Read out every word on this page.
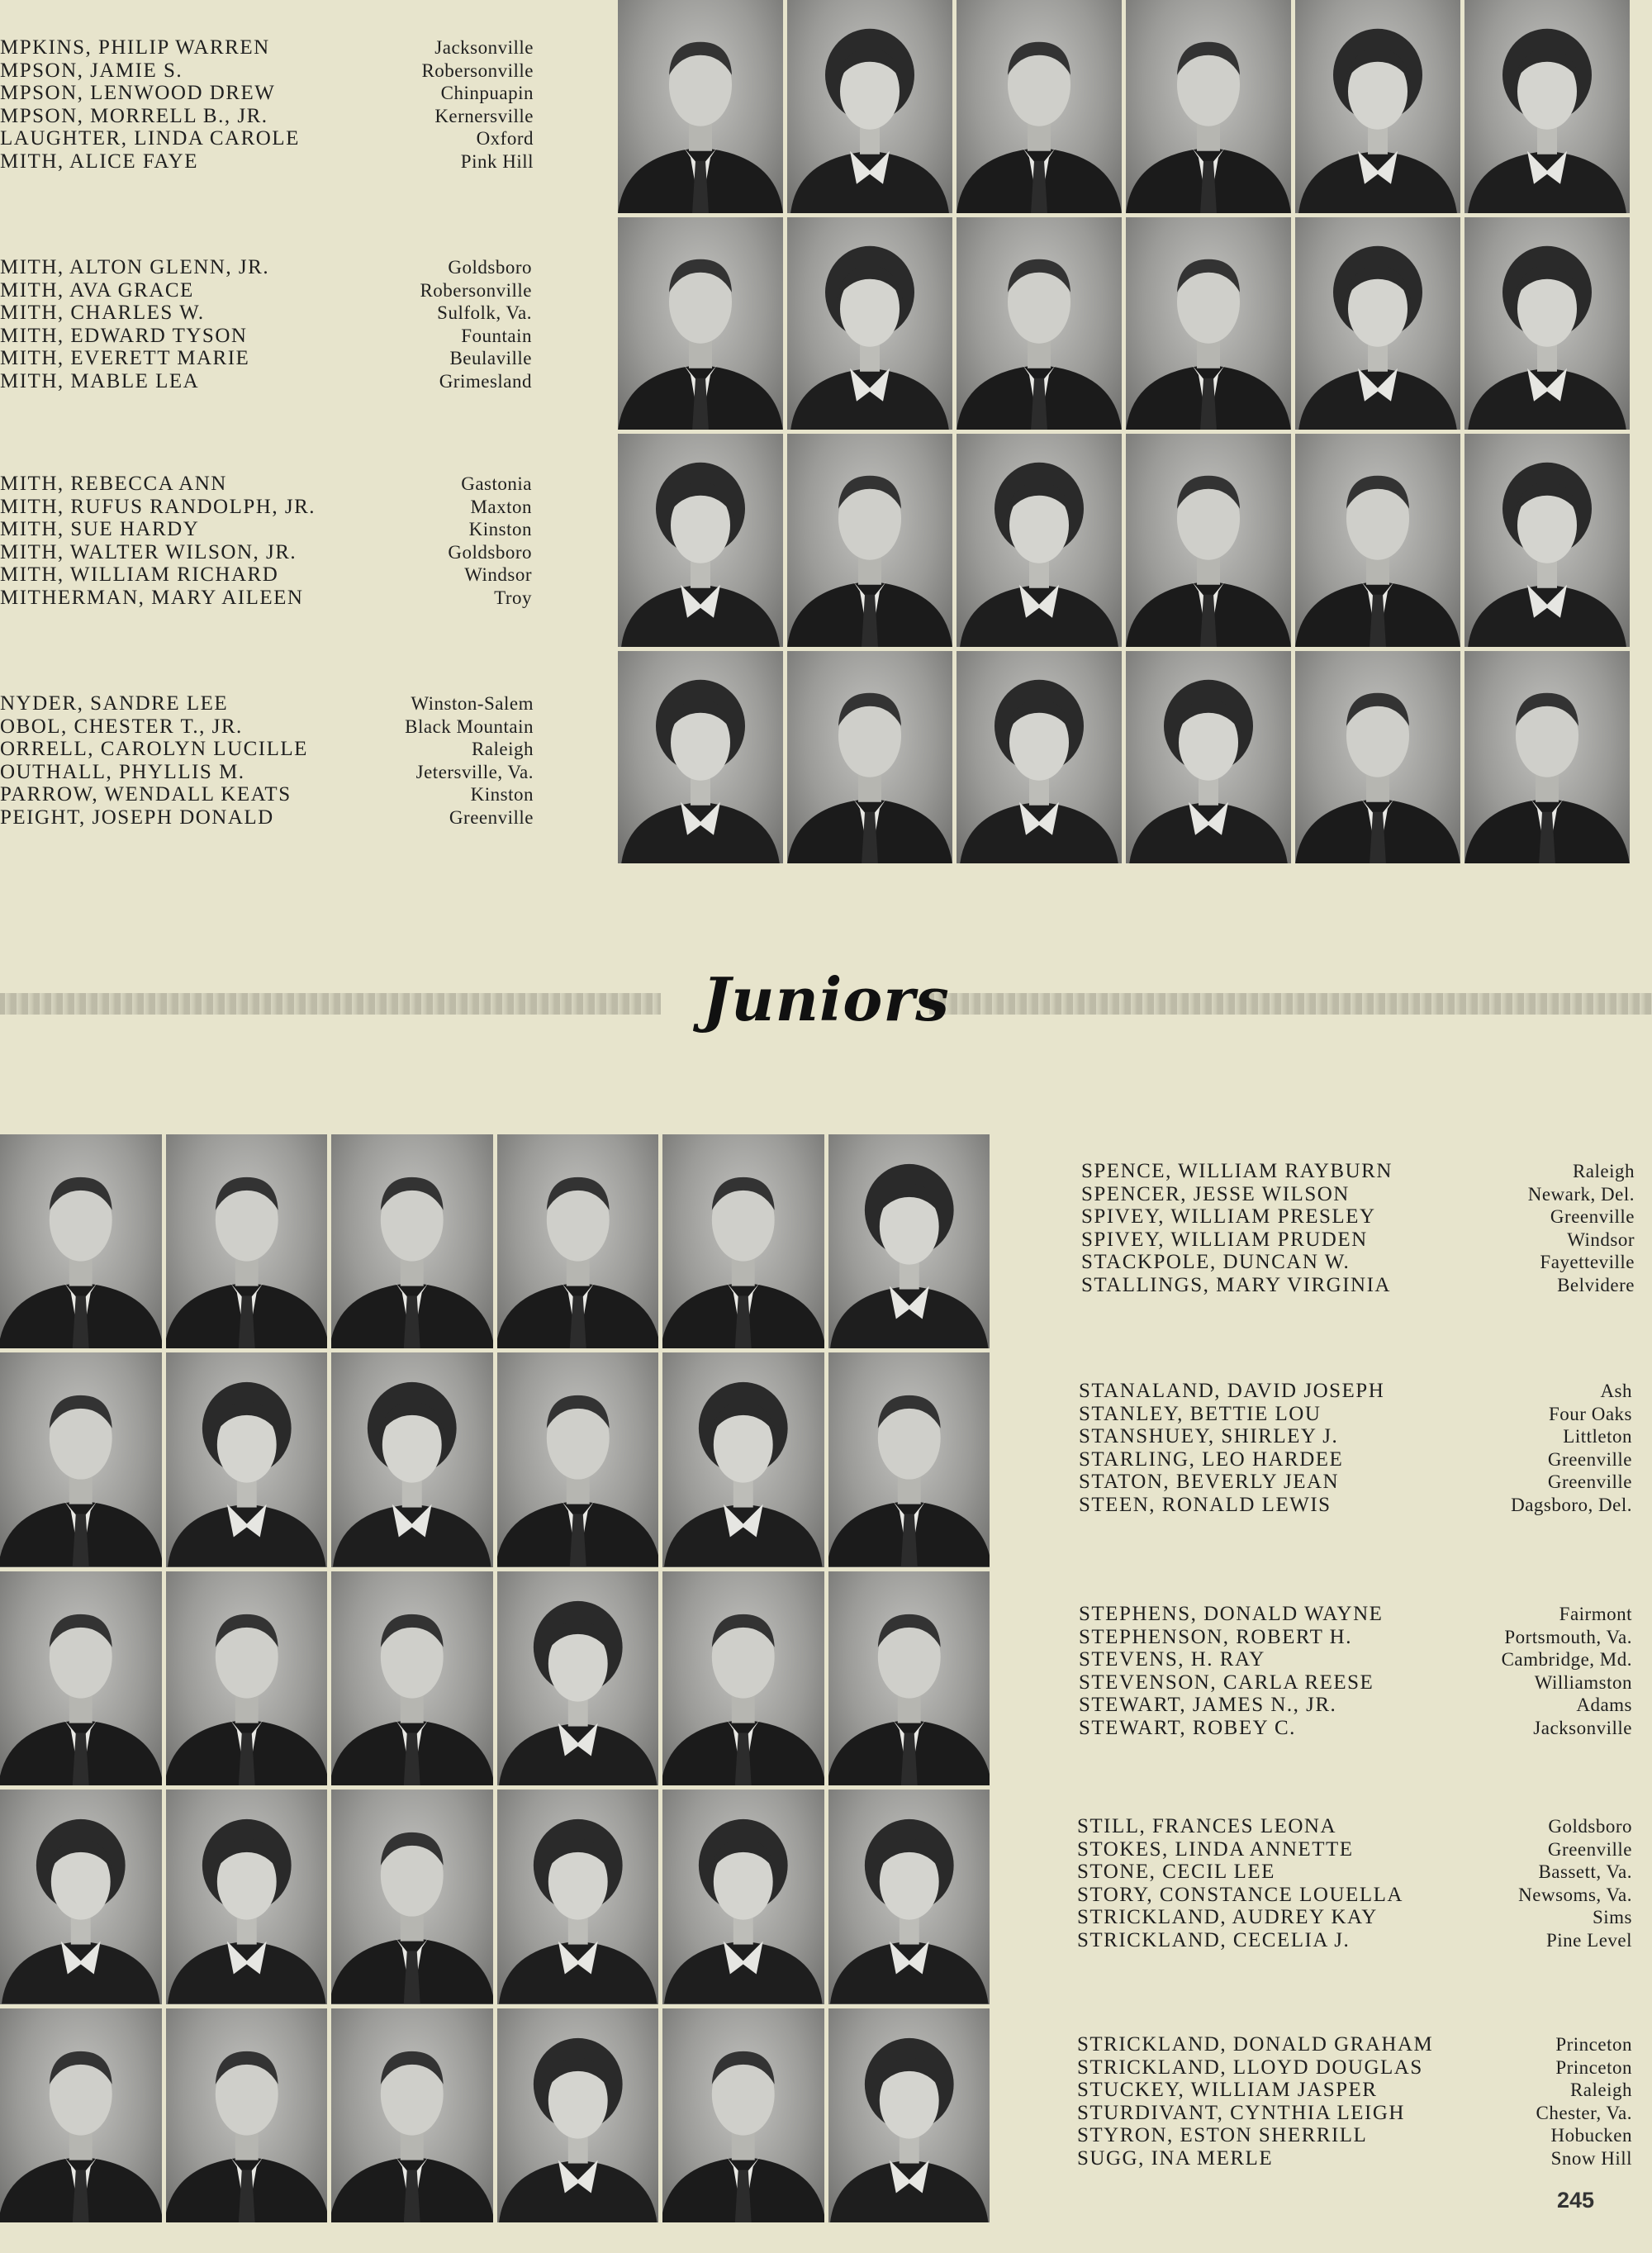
MPKINS, PHILIP WARREN	Jacksonville
MPSON, JAMIE S.	Robersonville
MPSON, LENWOOD DREW	Chinpuapin
MPSON, MORRELL B., JR.	Kernersville
LAUGHTER, LINDA CAROLE	Oxford
MITH, ALICE FAYE	Pink Hill
MITH, ALTON GLENN, JR.	Goldsboro
MITH, AVA GRACE	Robersonville
MITH, CHARLES W.	Sulfolk, Va.
MITH, EDWARD TYSON	Fountain
MITH, EVERETT MARIE	Beulaville
MITH, MABLE LEA	Grimesland
MITH, REBECCA ANN	Gastonia
MITH, RUFUS RANDOLPH, JR.	Maxton
MITH, SUE HARDY	Kinston
MITH, WALTER WILSON, JR.	Goldsboro
MITH, WILLIAM RICHARD	Windsor
MITHERMAN, MARY AILEEN	Troy
NYDER, SANDRE LEE	Winston-Salem
OBOL, CHESTER T., JR.	Black Mountain
ORRELL, CAROLYN LUCILLE	Raleigh
OUTHALL, PHYLLIS M.	Jetersville, Va.
PARROW, WENDALL KEATS	Kinston
PEIGHT, JOSEPH DONALD	Greenville
Juniors
SPENCE, WILLIAM RAYBURN	Raleigh
SPENCER, JESSE WILSON	Newark, Del.
SPIVEY, WILLIAM PRESLEY	Greenville
SPIVEY, WILLIAM PRUDEN	Windsor
STACKPOLE, DUNCAN W.	Fayetteville
STALLINGS, MARY VIRGINIA	Belvidere
STANALAND, DAVID JOSEPH	Ash
STANLEY, BETTIE LOU	Four Oaks
STANSHUEY, SHIRLEY J.	Littleton
STARLING, LEO HARDEE	Greenville
STATON, BEVERLY JEAN	Greenville
STEEN, RONALD LEWIS	Dagsboro, Del.
STEPHENS, DONALD WAYNE	Fairmont
STEPHENSON, ROBERT H.	Portsmouth, Va.
STEVENS, H. RAY	Cambridge, Md.
STEVENSON, CARLA REESE	Williamston
STEWART, JAMES N., JR.	Adams
STEWART, ROBEY C.	Jacksonville
STILL, FRANCES LEONA	Goldsboro
STOKES, LINDA ANNETTE	Greenville
STONE, CECIL LEE	Bassett, Va.
STORY, CONSTANCE LOUELLA	Newsoms, Va.
STRICKLAND, AUDREY KAY	Sims
STRICKLAND, CECELIA J.	Pine Level
STRICKLAND, DONALD GRAHAM	Princeton
STRICKLAND, LLOYD DOUGLAS	Princeton
STUCKEY, WILLIAM JASPER	Raleigh
STURDIVANT, CYNTHIA LEIGH	Chester, Va.
STYRON, ESTON SHERRILL	Hobucken
SUGG, INA MERLE	Snow Hill
245
